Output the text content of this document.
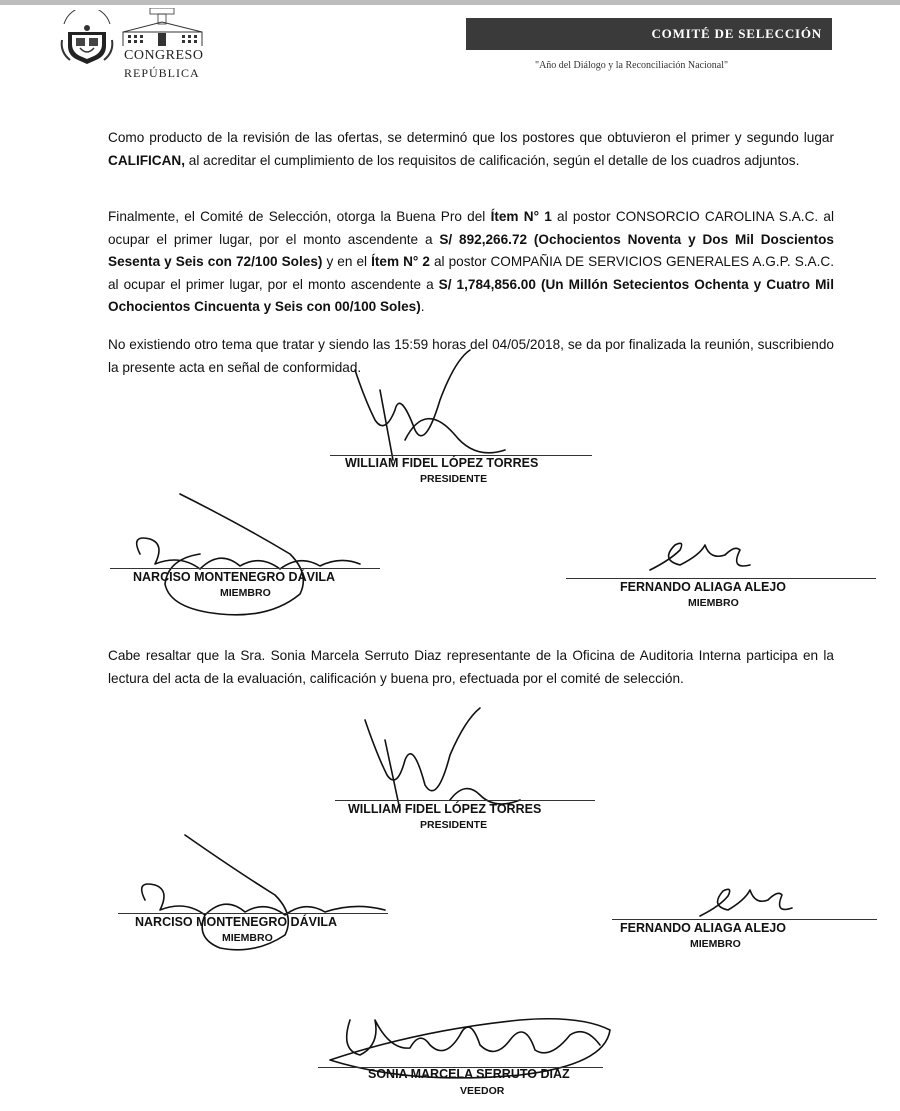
CONGRESO
REPÚBLICA
COMITÉ DE SELECCIÓN
"Año del Diálogo y la Reconciliación Nacional"

Como producto de la revisión de las ofertas, se determinó que los postores que obtuvieron el primer y segundo lugar CALIFICAN, al acreditar el cumplimiento de los requisitos de calificación, según el detalle de los cuadros adjuntos.

Finalmente, el Comité de Selección, otorga la Buena Pro del Ítem N° 1 al postor CONSORCIO CAROLINA S.A.C. al ocupar el primer lugar, por el monto ascendente a S/ 892,266.72 (Ochocientos Noventa y Dos Mil Doscientos Sesenta y Seis con 72/100 Soles) y en el Ítem N° 2 al postor COMPAÑIA DE SERVICIOS GENERALES A.G.P. S.A.C. al ocupar el primer lugar, por el monto ascendente a S/ 1,784,856.00 (Un Millón Setecientos Ochenta y Cuatro Mil Ochocientos Cincuenta y Seis con 00/100 Soles).

No existiendo otro tema que tratar y siendo las 15:59 horas del 04/05/2018, se da por finalizada la reunión, suscribiendo la presente acta en señal de conformidad.

WILLIAM FIDEL LÓPEZ TORRES
PRESIDENTE
NARCISO MONTENEGRO DÁVILA
MIEMBRO	FERNANDO ALIAGA ALEJO
MIEMBRO

Cabe resaltar que la Sra. Sonia Marcela Serruto Diaz representante de la Oficina de Auditoria Interna participa en la lectura del acta de la evaluación, calificación y buena pro, efectuada por el comité de selección.

WILLIAM FIDEL LÓPEZ TORRES
PRESIDENTE
NARCISO MONTENEGRO DÁVILA
MIEMBRO
FERNANDO ALIAGA ALEJO
MIEMBRO
SONIA MARCELA SERRUTO DIAZ
VEEDOR
